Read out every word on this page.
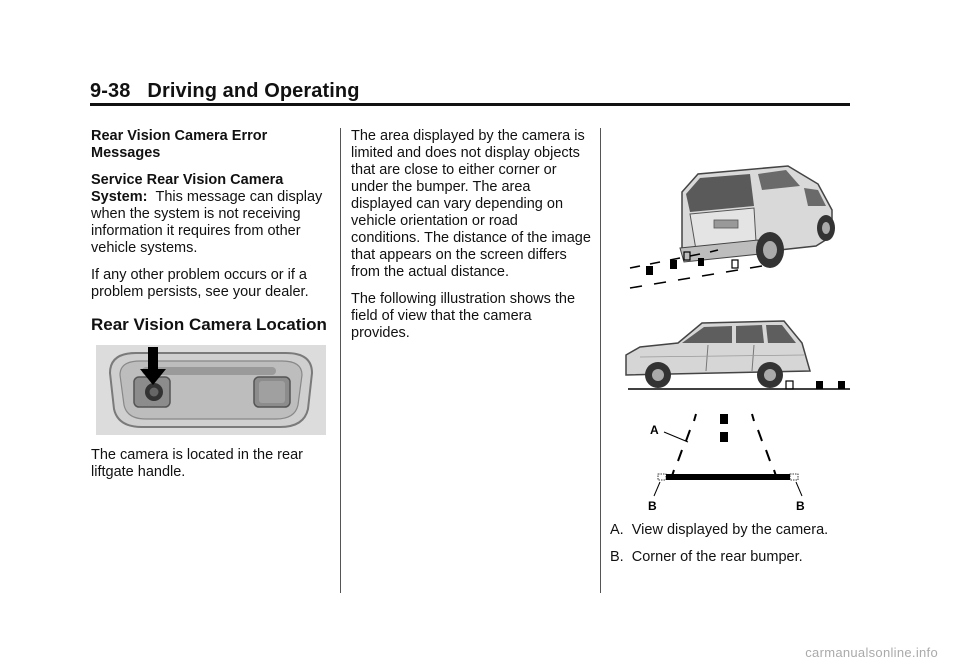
9-38 Driving and Operating

Rear Vision Camera Error Messages

Service Rear Vision Camera System: This message can display when the system is not receiving information it requires from other vehicle systems.

If any other problem occurs or if a problem persists, see your dealer.

Rear Vision Camera Location

The camera is located in the rear liftgate handle.

The area displayed by the camera is limited and does not display objects that are close to either corner or under the bumper. The area displayed can vary depending on vehicle orientation or road conditions. The distance of the image that appears on the screen differs from the actual distance.

The following illustration shows the field of view that the camera provides.

A
B	B

A. View displayed by the camera.

B. Corner of the rear bumper.

carmanualsonline.info
